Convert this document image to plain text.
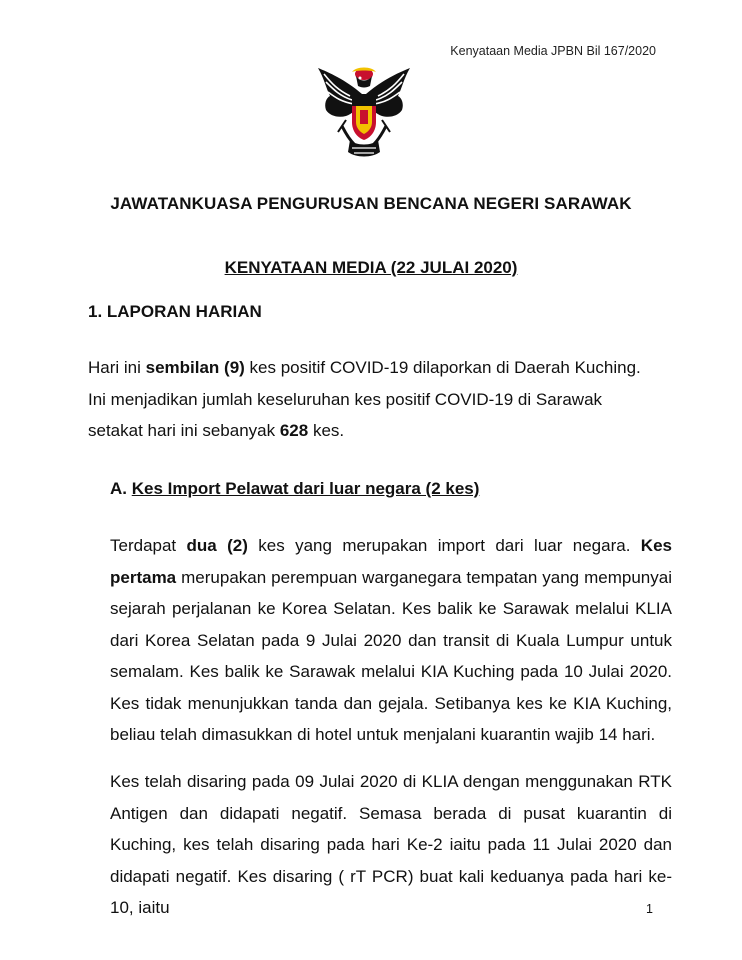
Kenyataan Media JPBN Bil 167/2020
JAWATANKUASA PENGURUSAN BENCANA NEGERI SARAWAK
KENYATAAN MEDIA (22 JULAI 2020)
1. LAPORAN HARIAN

Hari ini sembilan (9) kes positif COVID-19 dilaporkan di Daerah Kuching. Ini menjadikan jumlah keseluruhan kes positif COVID-19 di Sarawak setakat hari ini sebanyak 628 kes.

A. Kes Import Pelawat dari luar negara (2 kes)

Terdapat dua (2) kes yang merupakan import dari luar negara. Kes pertama merupakan perempuan warganegara tempatan yang mempunyai sejarah perjalanan ke Korea Selatan. Kes balik ke Sarawak melalui KLIA dari Korea Selatan pada 9 Julai 2020 dan transit di Kuala Lumpur untuk semalam. Kes balik ke Sarawak melalui KIA Kuching pada 10 Julai 2020. Kes tidak menunjukkan tanda dan gejala. Setibanya kes ke KIA Kuching, beliau telah dimasukkan di hotel untuk menjalani kuarantin wajib 14 hari.

Kes telah disaring pada 09 Julai 2020 di KLIA dengan menggunakan RTK Antigen dan didapati negatif. Semasa berada di pusat kuarantin di Kuching, kes telah disaring pada hari Ke-2 iaitu pada 11 Julai 2020 dan didapati negatif. Kes disaring ( rT PCR) buat kali keduanya pada hari ke-10, iaitu	1
